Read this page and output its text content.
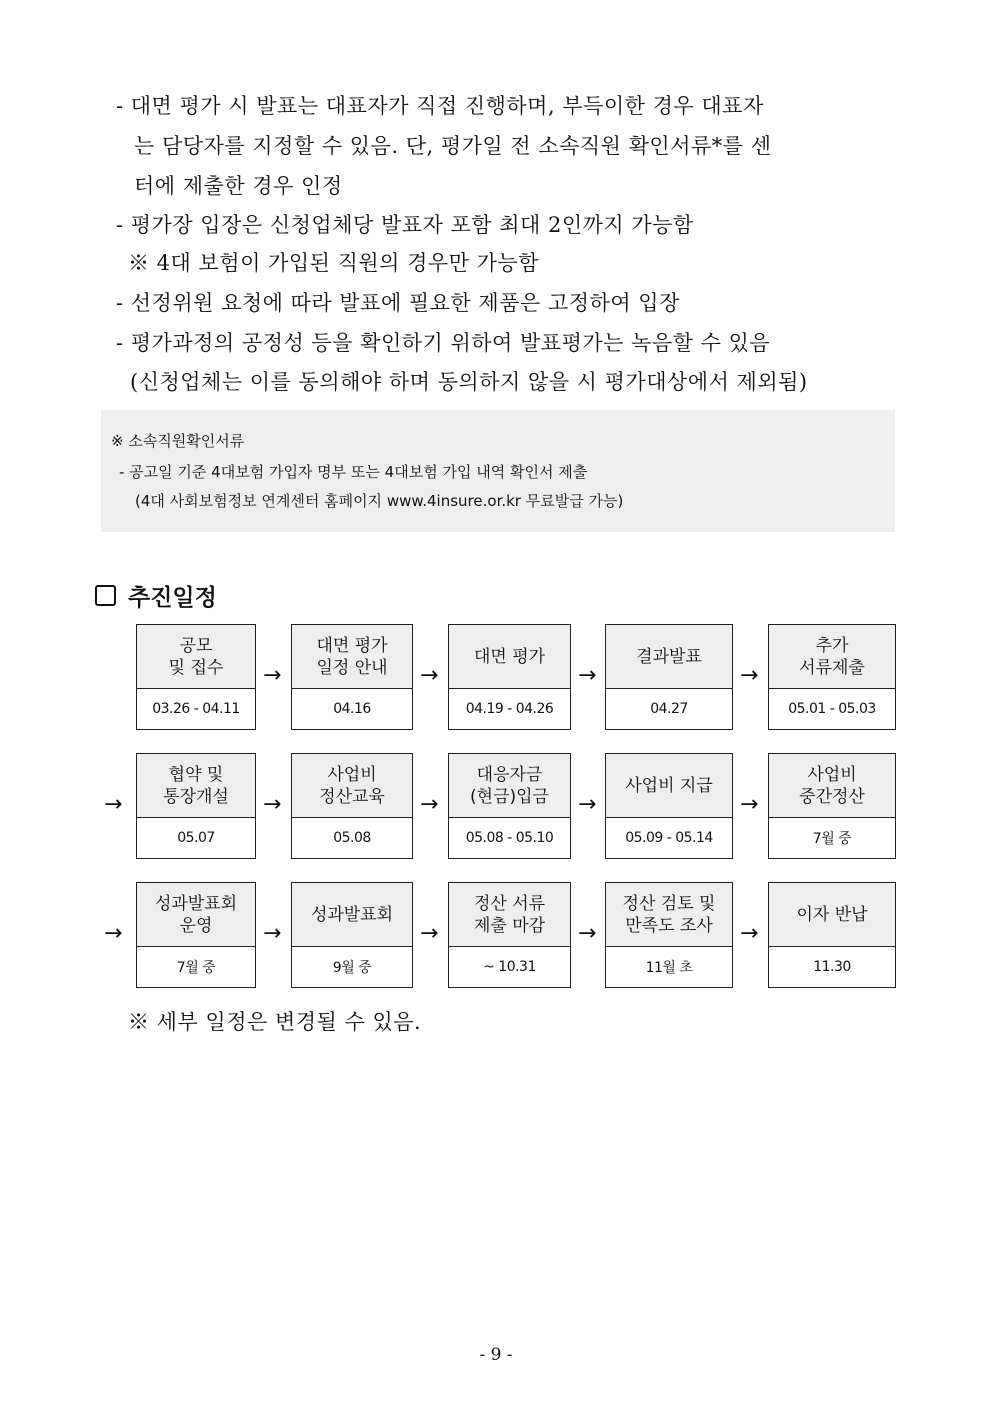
- 대면 평가 시 발표는 대표자가 직접 진행하며, 부득이한 경우 대표자
는 담당자를 지정할 수 있음. 단, 평가일 전 소속직원 확인서류*를 센
터에 제출한 경우 인정
- 평가장 입장은 신청업체당 발표자 포함 최대 2인까지 가능함
※ 4대 보험이 가입된 직원의 경우만 가능함
- 선정위원 요청에 따라 발표에 필요한 제품은 고정하여 입장
- 평가과정의 공정성 등을 확인하기 위하여 발표평가는 녹음할 수 있음
(신청업체는 이를 동의해야 하며 동의하지 않을 시 평가대상에서 제외됨)
※ 소속직원확인서류
- 공고일 기준 4대보험 가입자 명부 또는 4대보험 가입 내역 확인서 제출
(4대 사회보험정보 연계센터 홈페이지 www.4insure.or.kr 무료발급 가능)
추진일정
공모
및 접수
03.26 - 04.11
→
대면 평가
일정 안내
04.16
→
대면 평가
04.19 - 04.26
→
결과발표
04.27
→
추가
서류제출
05.01 - 05.03
→
협약 및
통장개설
05.07
→
사업비
정산교육
05.08
→
대응자금
(현금)입금
05.08 - 05.10
→
사업비 지급
05.09 - 05.14
→
사업비
중간정산
7월 중
→
성과발표회
운영
7월 중
→
성과발표회
9월 중
→
정산 서류
제출 마감
~ 10.31
→
정산 검토 및
만족도 조사
11월 초
→
이자 반납
11.30
※ 세부 일정은 변경될 수 있음.
- 9 -
